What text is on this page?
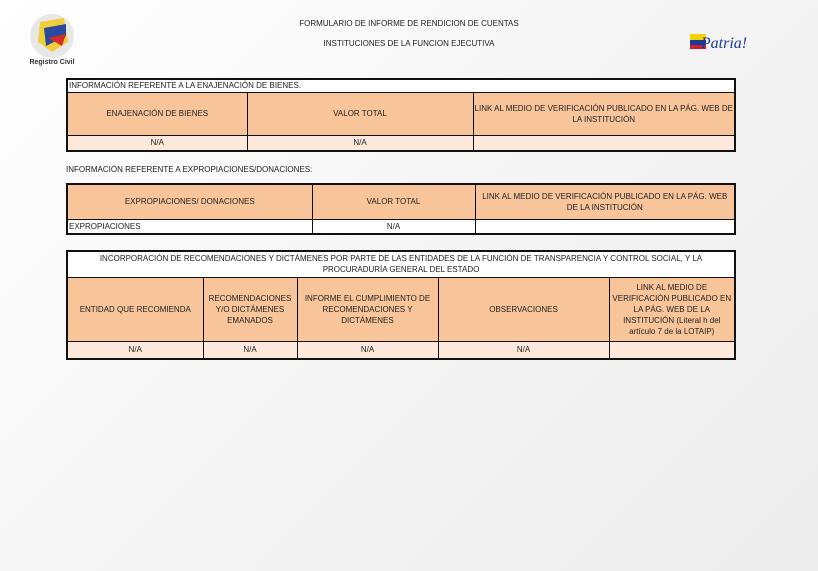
Registro Civil
Patria!
FORMULARIO DE INFORME DE RENDICION DE CUENTAS
INSTITUCIONES DE LA FUNCION EJECUTIVA
INFORMACIÓN REFERENTE A LA ENAJENACIÓN DE BIENES.		
ENAJENACIÓN DE BIENES	VALOR TOTAL	LINK AL MEDIO DE VERIFICACIÓN PUBLICADO EN LA PÁG. WEB DE LA INSTITUCIÓN
N/A	N/A	
INFORMACIÓN REFERENTE A EXPROPIACIONES/DONACIONES:
EXPROPIACIONES/ DONACIONES	VALOR TOTAL	LINK AL MEDIO DE VERIFICACIÓN PUBLICADO EN LA PÁG. WEB DE LA INSTITUCIÓN
EXPROPIACIONES	N/A	
INCORPORACIÓN DE RECOMENDACIONES Y DICTÁMENES POR PARTE DE LAS ENTIDADES DE LA FUNCIÓN DE TRANSPARENCIA Y CONTROL SOCIAL, Y LA PROCURADURÍA GENERAL DEL ESTADO				
ENTIDAD QUE RECOMIENDA	RECOMENDACIONES Y/O DICTÁMENES EMANADOS	INFORME EL CUMPLIMIENTO DE RECOMENDACIONES Y DICTÁMENES	OBSERVACIONES	LINK AL MEDIO DE VERIFICACIÓN PUBLICADO EN LA PÁG. WEB DE LA INSTITUCIÓN (Literal h del artículo 7 de la LOTAIP)
N/A	N/A	N/A	N/A	
